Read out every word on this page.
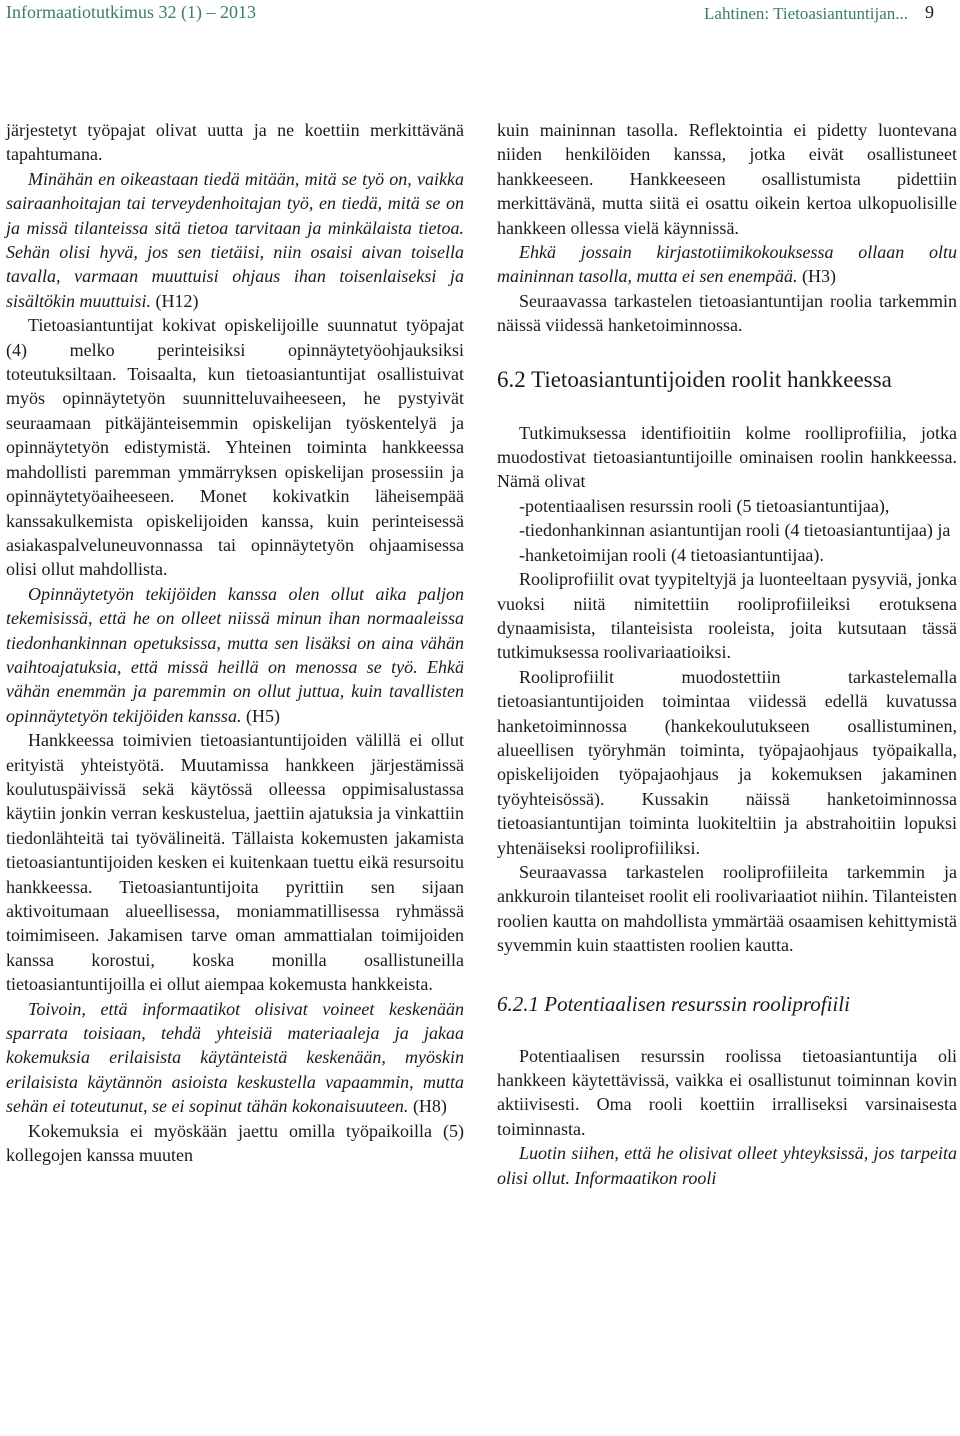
Informaatiotutkimus 32 (1) – 2013	Lahtinen: Tietoasiantuntijan... 9

järjestetyt työpajat olivat uutta ja ne koettiin merkittävänä tapahtumana.

Minähän en oikeastaan tiedä mitään, mitä se työ on, vaikka sairaanhoitajan tai terveydenhoitajan työ, en tiedä, mitä se on ja missä tilanteissa sitä tietoa tarvitaan ja minkälaista tietoa. Sehän olisi hyvä, jos sen tietäisi, niin osaisi aivan toisella tavalla, varmaan muuttuisi ohjaus ihan toisenlaiseksi ja sisältökin muuttuisi. (H12)

Tietoasiantuntijat kokivat opiskelijoille suunnatut työpajat (4) melko perinteisiksi opinnäytetyöohjauksiksi toteutuksiltaan. Toisaalta, kun tietoasiantuntijat osallistuivat myös opinnäytetyön suunnitteluvaiheeseen, he pystyivät seuraamaan pitkäjänteisemmin opiskelijan työskentelyä ja opinnäytetyön edistymistä. Yhteinen toiminta hankkeessa mahdollisti paremman ymmärryksen opiskelijan prosessiin ja opinnäytetyöaiheeseen. Monet kokivatkin läheisempää kanssakulkemista opiskelijoiden kanssa, kuin perinteisessä asiakaspalveluneuvonnassa tai opinnäytetyön ohjaamisessa olisi ollut mahdollista.

Opinnäytetyön tekijöiden kanssa olen ollut aika paljon tekemisissä, että he on olleet niissä minun ihan normaaleissa tiedonhankinnan opetuksissa, mutta sen lisäksi on aina vähän vaihtoajatuksia, että missä heillä on menossa se työ. Ehkä vähän enemmän ja paremmin on ollut juttua, kuin tavallisten opinnäytetyön tekijöiden kanssa. (H5)

Hankkeessa toimivien tietoasiantuntijoiden välillä ei ollut erityistä yhteistyötä. Muutamissa hankkeen järjestämissä koulutuspäivissä sekä käytössä olleessa oppimisalustassa käytiin jonkin verran keskustelua, jaettiin ajatuksia ja vinkattiin tiedonlähteitä tai työvälineitä. Tällaista kokemusten jakamista tietoasiantuntijoiden kesken ei kuitenkaan tuettu eikä resursoitu hankkeessa. Tietoasiantuntijoita pyrittiin sen sijaan aktivoitumaan alueellisessa, moniammatillisessa ryhmässä toimimiseen. Jakamisen tarve oman ammattialan toimijoiden kanssa korostui, koska monilla osallistuneilla tietoasiantuntijoilla ei ollut aiempaa kokemusta hankkeista.

Toivoin, että informaatikot olisivat voineet keskenään sparrata toisiaan, tehdä yhteisiä materiaaleja ja jakaa kokemuksia erilaisista käytänteistä keskenään, myöskin erilaisista käytännön asioista keskustella vapaammin, mutta sehän ei toteutunut, se ei sopinut tähän kokonaisuuteen. (H8)

Kokemuksia ei myöskään jaettu omilla työpaikoilla (5) kollegojen kanssa muuten

kuin maininnan tasolla. Reflektointia ei pidetty luontevana niiden henkilöiden kanssa, jotka eivät osallistuneet hankkeeseen. Hankkeeseen osallistumista pidettiin merkittävänä, mutta siitä ei osattu oikein kertoa ulkopuolisille hankkeen ollessa vielä käynnissä.

Ehkä jossain kirjastotiimikokouksessa ollaan oltu maininnan tasolla, mutta ei sen enempää. (H3)

Seuraavassa tarkastelen tietoasiantuntijan roolia tarkemmin näissä viidessä hanketoiminnossa.

6.2 Tietoasiantuntijoiden roolit hankkeessa

Tutkimuksessa identifioitiin kolme roolliprofiilia, jotka muodostivat tietoasiantuntijoille ominaisen roolin hankkeessa. Nämä olivat

-potentiaalisen resurssin rooli (5 tietoasiantuntijaa),

-tiedonhankinnan asiantuntijan rooli (4 tietoasiantuntijaa) ja

-hanketoimijan rooli (4 tietoasiantuntijaa).

Rooliprofiilit ovat tyypiteltyjä ja luonteeltaan pysyviä, jonka vuoksi niitä nimitettiin rooliprofiileiksi erotuksena dynaamisista, tilanteisista rooleista, joita kutsutaan tässä tutkimuksessa roolivariaatioiksi.

Rooliprofiilit muodostettiin tarkastelemalla tietoasiantuntijoiden toimintaa viidessä edellä kuvatussa hanketoiminnossa (hankekoulutukseen osallistuminen, alueellisen työryhmän toiminta, työpajaohjaus työpaikalla, opiskelijoiden työpajaohjaus ja kokemuksen jakaminen työyhteisössä). Kussakin näissä hanketoiminnossa tietoasiantuntijan toiminta luokiteltiin ja abstrahoitiin lopuksi yhtenäiseksi rooliprofiiliksi.

Seuraavassa tarkastelen rooliprofiileita tarkemmin ja ankkuroin tilanteiset roolit eli roolivariaatiot niihin. Tilanteisten roolien kautta on mahdollista ymmärtää osaamisen kehittymistä syvemmin kuin staattisten roolien kautta.

6.2.1 Potentiaalisen resurssin rooliprofiili

Potentiaalisen resurssin roolissa tietoasiantuntija oli hankkeen käytettävissä, vaikka ei osallistunut toiminnan kovin aktiivisesti. Oma rooli koettiin irralliseksi varsinaisesta toiminnasta.

Luotin siihen, että he olisivat olleet yhteyksissä, jos tarpeita olisi ollut. Informaatikon rooli
